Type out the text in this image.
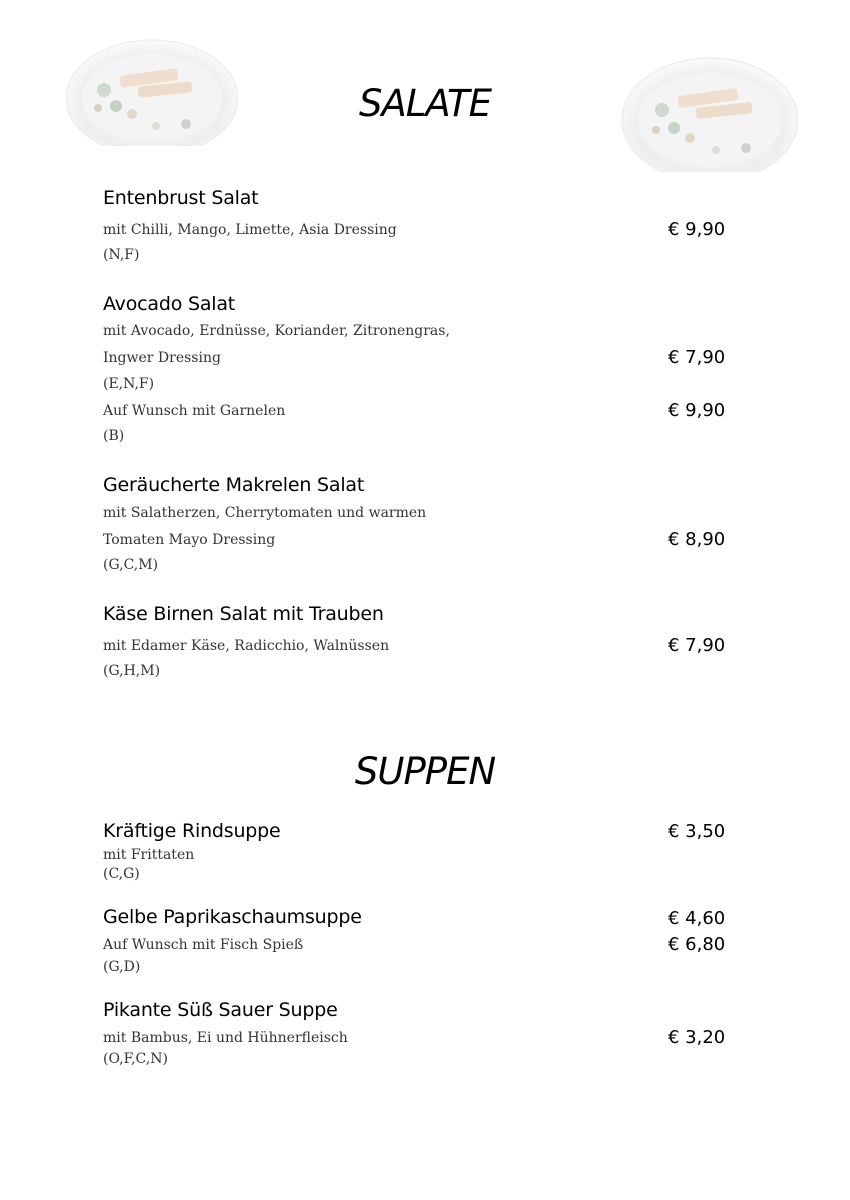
SALATE
Entenbrust Salat
mit Chilli, Mango, Limette, Asia Dressing
(N,F)
€ 9,90
Avocado Salat
mit Avocado, Erdnüsse, Koriander, Zitronengras,
Ingwer Dressing
(E,N,F)
Auf Wunsch mit Garnelen
(B)
€ 7,90
€ 9,90
Geräucherte Makrelen Salat
mit Salatherzen, Cherrytomaten und warmen
Tomaten Mayo Dressing
(G,C,M)
€ 8,90
Käse Birnen Salat mit Trauben
mit Edamer Käse, Radicchio, Walnüssen
(G,H,M)
€ 7,90
SUPPEN
Kräftige Rindsuppe
mit Frittaten
(C,G)
€ 3,50
Gelbe Paprikaschaumsuppe
Auf Wunsch mit Fisch Spieß
(G,D)
€ 4,60
€ 6,80
Pikante Süß Sauer Suppe
mit Bambus, Ei und Hühnerfleisch
(O,F,C,N)
€ 3,20
